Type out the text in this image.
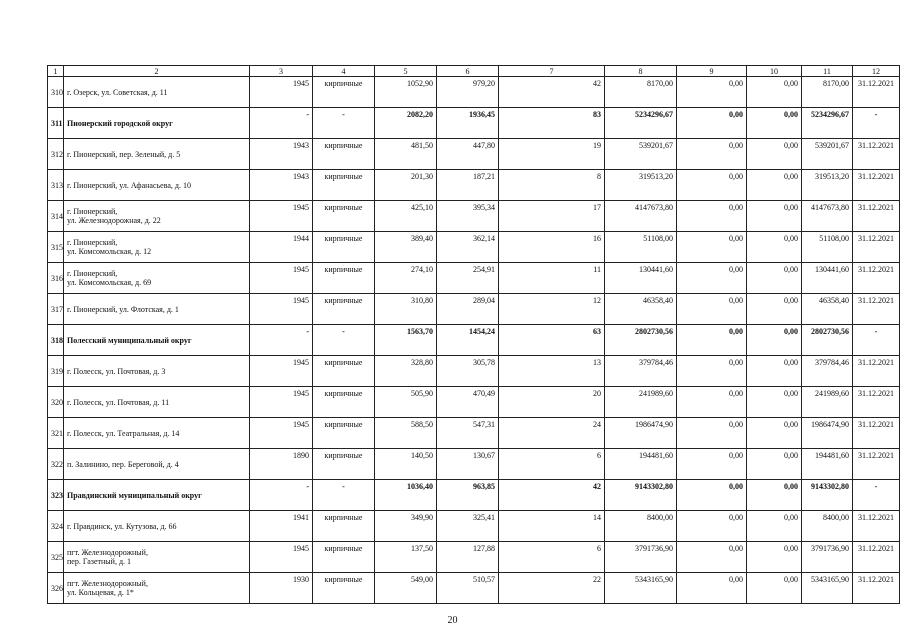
1	2	3	4	5	6	7	8	9	10	11	12
310	г. Озерск, ул. Советская, д. 11	1945	кирпичные	1052,90	979,20	42	8170,00	0,00	0,00	8170,00	31.12.2021
311	Пионерский городской округ	-	-	2082,20	1936,45	83	5234296,67	0,00	0,00	5234296,67	-
312	г. Пионерский, пер. Зеленый, д. 5	1943	кирпичные	481,50	447,80	19	539201,67	0,00	0,00	539201,67	31.12.2021
313	г. Пионерский, ул. Афанасьева, д. 10	1943	кирпичные	201,30	187,21	8	319513,20	0,00	0,00	319513,20	31.12.2021
314	г. Пионерский,
ул. Железнодорожная, д. 22	1945	кирпичные	425,10	395,34	17	4147673,80	0,00	0,00	4147673,80	31.12.2021
315	г. Пионерский,
ул. Комсомольская, д. 12	1944	кирпичные	389,40	362,14	16	51108,00	0,00	0,00	51108,00	31.12.2021
316	г. Пионерский,
ул. Комсомольская, д. 69	1945	кирпичные	274,10	254,91	11	130441,60	0,00	0,00	130441,60	31.12.2021
317	г. Пионерский, ул. Флотская, д. 1	1945	кирпичные	310,80	289,04	12	46358,40	0,00	0,00	46358,40	31.12.2021
318	Полесский муниципальный округ	-	-	1563,70	1454,24	63	2802730,56	0,00	0,00	2802730,56	-
319	г. Полесск, ул. Почтовая, д. 3	1945	кирпичные	328,80	305,78	13	379784,46	0,00	0,00	379784,46	31.12.2021
320	г. Полесск, ул. Почтовая, д. 11	1945	кирпичные	505,90	470,49	20	241989,60	0,00	0,00	241989,60	31.12.2021
321	г. Полесск, ул. Театральная, д. 14	1945	кирпичные	588,50	547,31	24	1986474,90	0,00	0,00	1986474,90	31.12.2021
322	п. Залинино, пер. Береговой, д. 4	1890	кирпичные	140,50	130,67	6	194481,60	0,00	0,00	194481,60	31.12.2021
323	Правдинский муниципальный округ	-	-	1036,40	963,85	42	9143302,80	0,00	0,00	9143302,80	-
324	г. Правдинск, ул. Кутузова, д. 66	1941	кирпичные	349,90	325,41	14	8400,00	0,00	0,00	8400,00	31.12.2021
325	пгт. Железнодорожный,
пер. Газетный, д. 1	1945	кирпичные	137,50	127,88	6	3791736,90	0,00	0,00	3791736,90	31.12.2021
326	пгт. Железнодорожный,
ул. Кольцевая, д. 1*	1930	кирпичные	549,00	510,57	22	5343165,90	0,00	0,00	5343165,90	31.12.2021
20
